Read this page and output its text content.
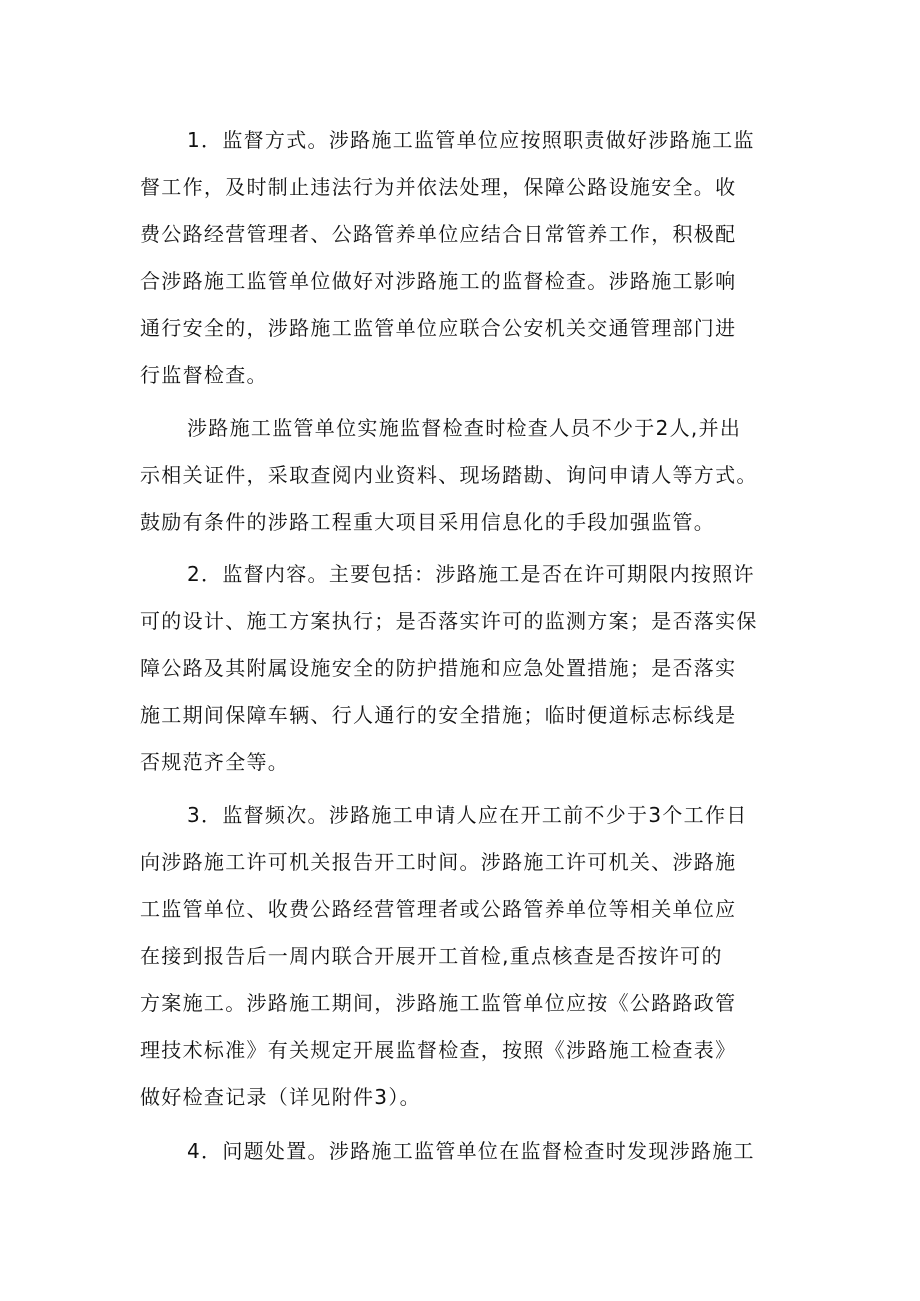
1．监督方式。涉路施工监管单位应按照职责做好涉路施工监
督工作，及时制止违法行为并依法处理，保障公路设施安全。收
费公路经营管理者、公路管养单位应结合日常管养工作，积极配
合涉路施工监管单位做好对涉路施工的监督检查。涉路施工影响
通行安全的，涉路施工监管单位应联合公安机关交通管理部门进
行监督检查。
涉路施工监管单位实施监督检查时检查人员不少于2人,并出
示相关证件，采取查阅内业资料、现场踏勘、询问申请人等方式。
鼓励有条件的涉路工程重大项目采用信息化的手段加强监管。
2．监督内容。主要包括：涉路施工是否在许可期限内按照许
可的设计、施工方案执行；是否落实许可的监测方案；是否落实保
障公路及其附属设施安全的防护措施和应急处置措施；是否落实
施工期间保障车辆、行人通行的安全措施；临时便道标志标线是
否规范齐全等。
3．监督频次。涉路施工申请人应在开工前不少于3个工作日
向涉路施工许可机关报告开工时间。涉路施工许可机关、涉路施
工监管单位、收费公路经营管理者或公路管养单位等相关单位应
在接到报告后一周内联合开展开工首检,重点核查是否按许可的
方案施工。涉路施工期间，涉路施工监管单位应按《公路路政管
理技术标准》有关规定开展监督检查，按照《涉路施工检查表》
做好检查记录（详见附件3）。
4．问题处置。涉路施工监管单位在监督检查时发现涉路施工
